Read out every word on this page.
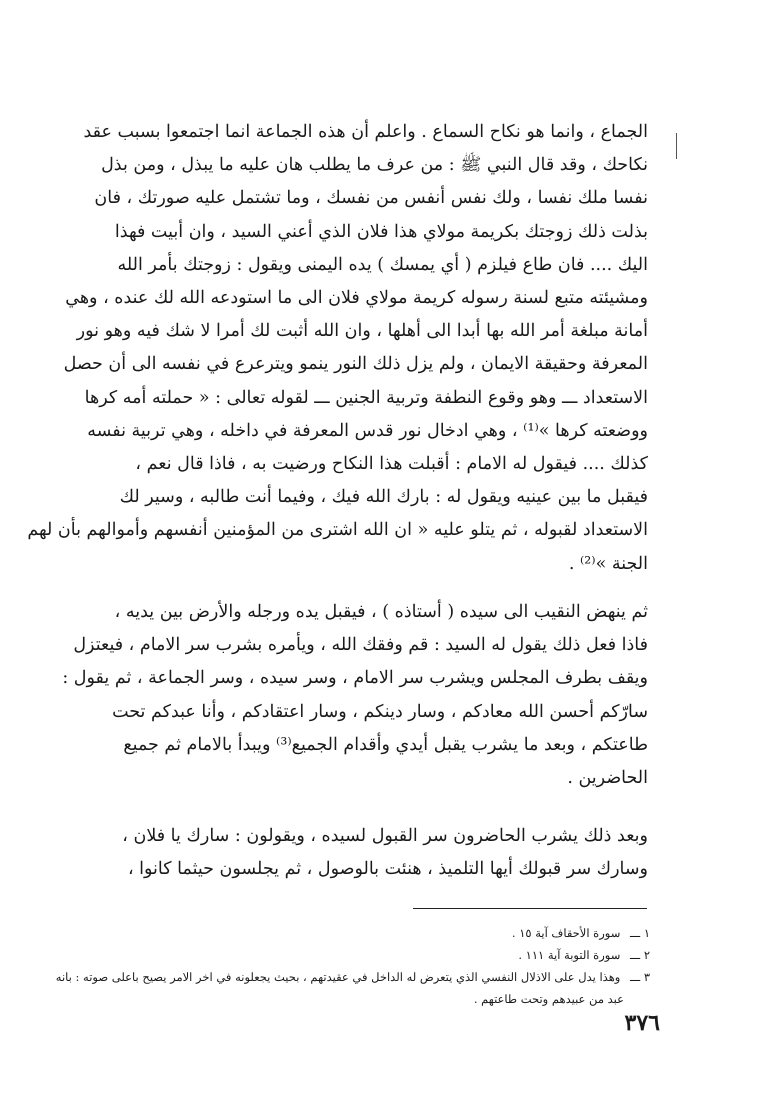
الجماع ، وانما هو نكاح السماع . واعلم أن هذه الجماعة انما اجتمعوا بسبب عقد
نكاحك ، وقد قال النبي ﷺ : من عرف ما يطلب هان عليه ما يبذل ، ومن بذل
نفسا ملك نفسا ، ولك نفس أنفس من نفسك ، وما تشتمل عليه صورتك ، فان
بذلت ذلك زوجتك بكريمة مولاي هذا فلان الذي أعني السيد ، وان أبيت فهذا
اليك .... فان طاع فيلزم ( أي يمسك ) يده اليمنى ويقول : زوجتك بأمر الله
ومشيئته متبع لسنة رسوله كريمة مولاي فلان الى ما استودعه الله لك عنده ، وهي
أمانة مبلغة أمر الله بها أبدا الى أهلها ، وان الله أثبت لك أمرا لا شك فيه وهو نور
المعرفة وحقيقة الايمان ، ولم يزل ذلك النور ينمو ويترعرع في نفسه الى أن حصل
الاستعداد ـــ وهو وقوع النطفة وتربية الجنين ـــ لقوله تعالى : « حملته أمه كرها
ووضعته كرها »⁽¹⁾ ، وهي ادخال نور قدس المعرفة في داخله ، وهي تربية نفسه
كذلك .... فيقول له الامام : أقبلت هذا النكاح ورضيت به ، فاذا قال نعم ،
فيقبل ما بين عينيه ويقول له : بارك الله فيك ، وفيما أنت طالبه ، وسير لك
الاستعداد لقبوله ، ثم يتلو عليه « ان الله اشترى من المؤمنين أنفسهم وأموالهم بأن لهم
الجنة »⁽²⁾ .
ثم ينهض النقيب الى سيده ( أستاذه ) ، فيقبل يده ورجله والأرض بين يديه ،
فاذا فعل ذلك يقول له السيد : قم وفقك الله ، ويأمره بشرب سر الامام ، فيعتزل
ويقف بطرف المجلس ويشرب سر الامام ، وسر سيده ، وسر الجماعة ، ثم يقول :
سارّكم أحسن الله معادكم ، وسار دينكم ، وسار اعتقادكم ، وأنا عبدكم تحت
طاعتكم ، وبعد ما يشرب يقبل أيدي وأقدام الجميع⁽³⁾ ويبدأ بالامام ثم جميع
الحاضرين .
وبعد ذلك يشرب الحاضرون سر القبول لسيده ، ويقولون : سارك يا فلان ،
وسارك سر قبولك أيها التلميذ ، هنئت بالوصول ، ثم يجلسون حيثما كانوا ،
١ ـــ سورة الأحقاف آية ١٥ .
٢ ـــ سورة التوبة آية ١١١ .
٣ ـــ وهذا يدل على الاذلال النفسي الذي يتعرض له الداخل في عقيدتهم ، بحيث يجعلونه في اخر الامر يصيح باعلى صوته : بانه
عبد من عبيدهم وتحت طاعتهم .
٣٧٦
